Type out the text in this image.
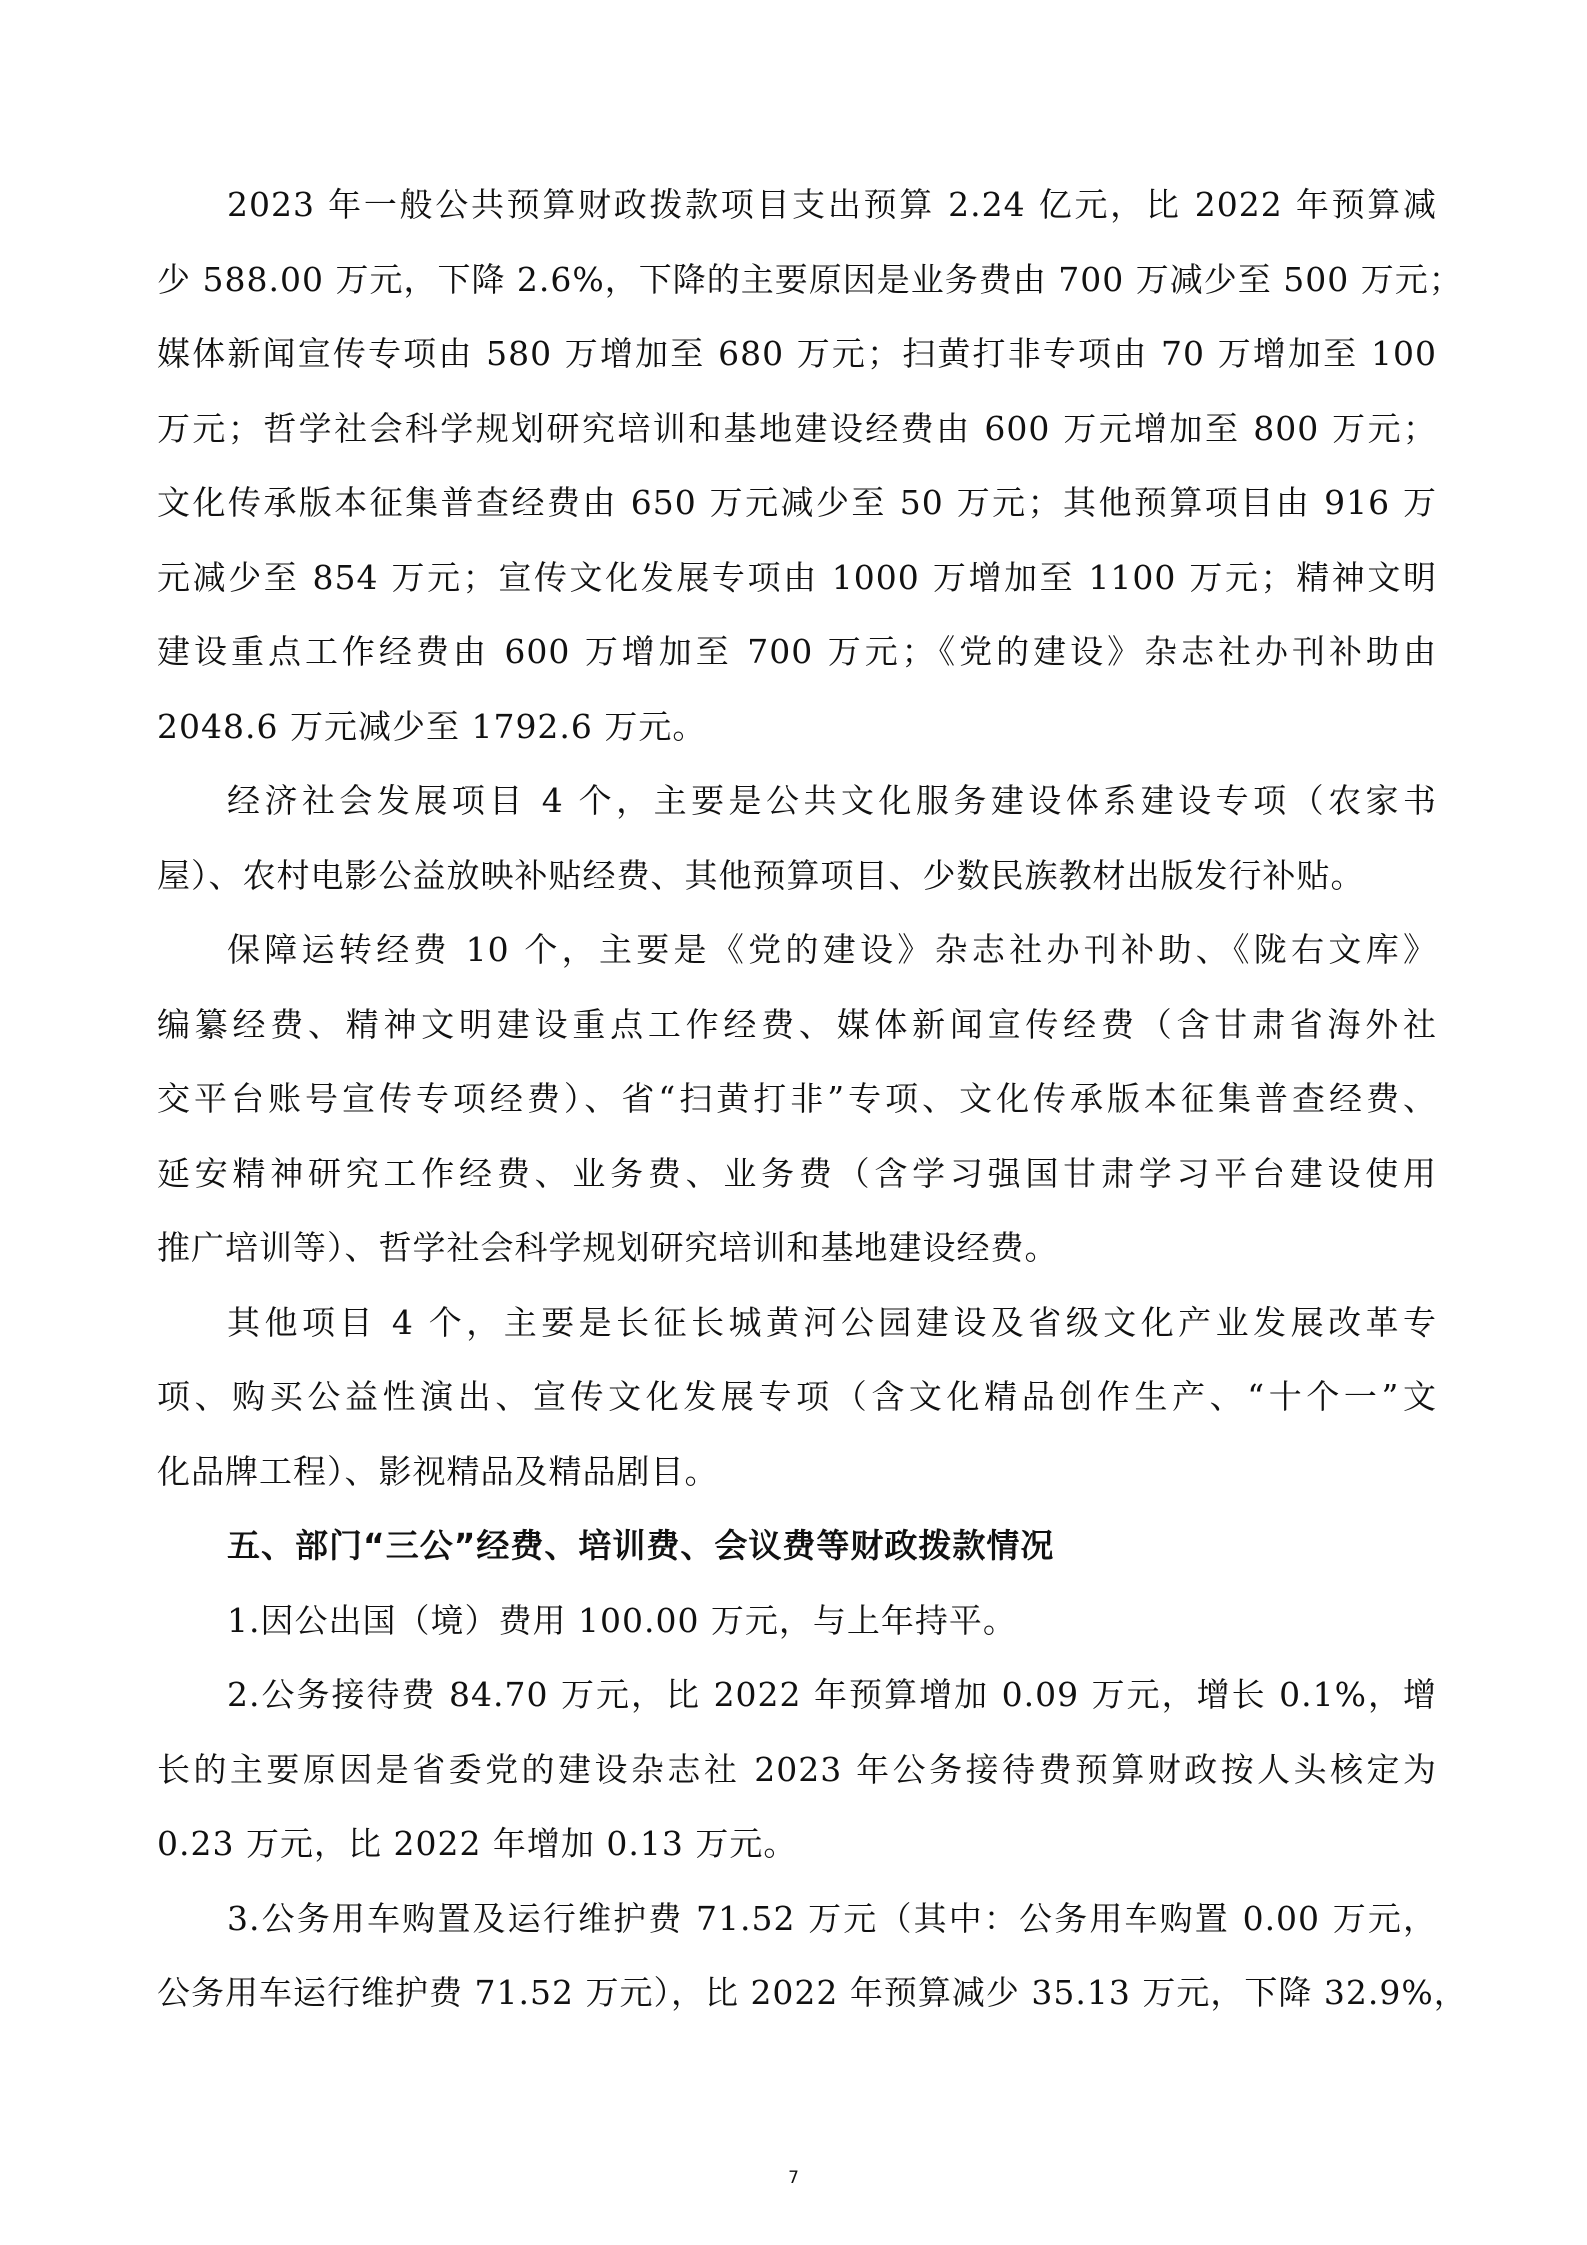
2023 年一般公共预算财政拨款项目支出预算 2.24 亿元，比 2022 年预算减
少 588.00 万元，下降 2.6%，下降的主要原因是业务费由 700 万减少至 500 万元；
媒体新闻宣传专项由 580 万增加至 680 万元；扫黄打非专项由 70 万增加至 100
万元；哲学社会科学规划研究培训和基地建设经费由 600 万元增加至 800 万元；
文化传承版本征集普查经费由 650 万元减少至 50 万元；其他预算项目由 916 万
元减少至 854 万元；宣传文化发展专项由 1000 万增加至 1100 万元；精神文明
建设重点工作经费由 600 万增加至 700 万元；《党的建设》杂志社办刊补助由
2048.6 万元减少至 1792.6 万元。

经济社会发展项目 4 个，主要是公共文化服务建设体系建设专项（农家书
屋）、农村电影公益放映补贴经费、其他预算项目、少数民族教材出版发行补贴。

保障运转经费 10 个，主要是《党的建设》杂志社办刊补助、《陇右文库》
编纂经费、精神文明建设重点工作经费、媒体新闻宣传经费（含甘肃省海外社
交平台账号宣传专项经费）、省“扫黄打非”专项、文化传承版本征集普查经费、
延安精神研究工作经费、业务费、业务费（含学习强国甘肃学习平台建设使用
推广培训等）、哲学社会科学规划研究培训和基地建设经费。

其他项目 4 个，主要是长征长城黄河公园建设及省级文化产业发展改革专
项、购买公益性演出、宣传文化发展专项（含文化精品创作生产、“十个一”文
化品牌工程）、影视精品及精品剧目。

五、部门“三公”经费、培训费、会议费等财政拨款情况

1.因公出国（境）费用 100.00 万元，与上年持平。

2.公务接待费 84.70 万元，比 2022 年预算增加 0.09 万元，增长 0.1%，增
长的主要原因是省委党的建设杂志社 2023 年公务接待费预算财政按人头核定为
0.23 万元，比 2022 年增加 0.13 万元。

3.公务用车购置及运行维护费 71.52 万元（其中：公务用车购置 0.00 万元，
公务用车运行维护费 71.52 万元），比 2022 年预算减少 35.13 万元，下降 32.9%，

7
